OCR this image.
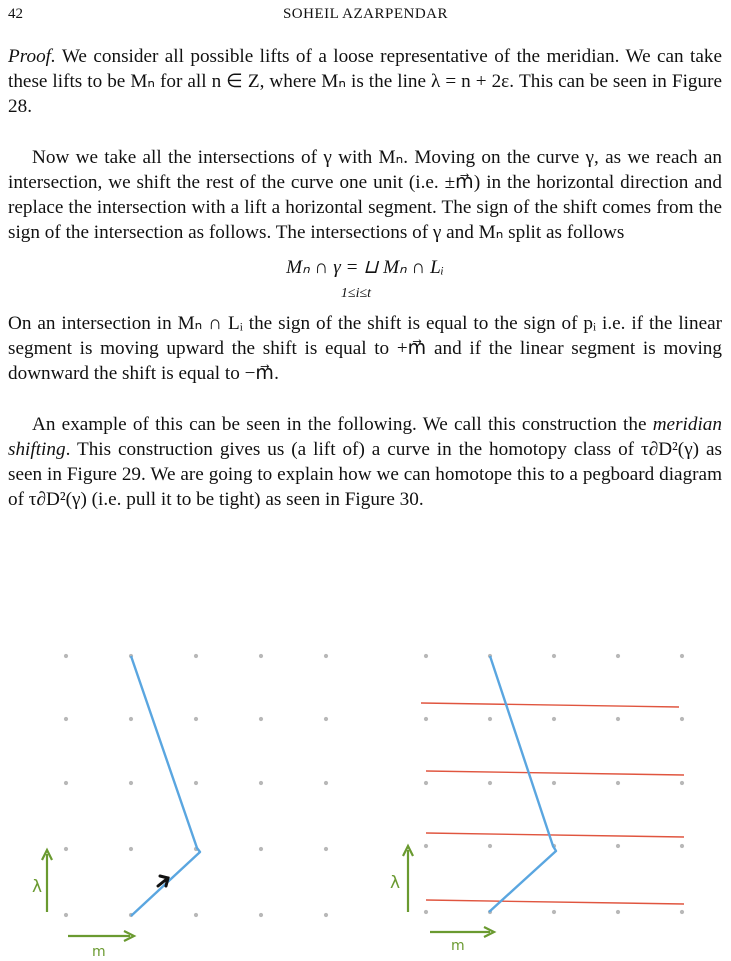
42	SOHEIL AZARPENDAR

Proof. We consider all possible lifts of a loose representative of the meridian. We can take these lifts to be Mₙ for all n ∈ Z, where Mₙ is the line λ = n + 2ε. This can be seen in Figure 28.

Now we take all the intersections of γ with Mₙ. Moving on the curve γ, as we reach an intersection, we shift the rest of the curve one unit (i.e. ±m⃗) in the horizontal direction and replace the intersection with a lift a horizontal segment. The sign of the shift comes from the sign of the intersection as follows. The intersections of γ and Mₙ split as follows

Mₙ ∩ γ = ⊔ Mₙ ∩ Lᵢ
1≤i≤t

On an intersection in Mₙ ∩ Lᵢ the sign of the shift is equal to the sign of pᵢ i.e. if the linear segment is moving upward the shift is equal to +m⃗ and if the linear segment is moving downward the shift is equal to −m⃗.

An example of this can be seen in the following. We call this construction the meridian shifting. This construction gives us (a lift of) a curve in the homotopy class of τ∂D²(γ) as seen in Figure 29. We are going to explain how we can homotope this to a pegboard diagram of τ∂D²(γ) (i.e. pull it to be tight) as seen in Figure 30.

λ
m
λ
m
